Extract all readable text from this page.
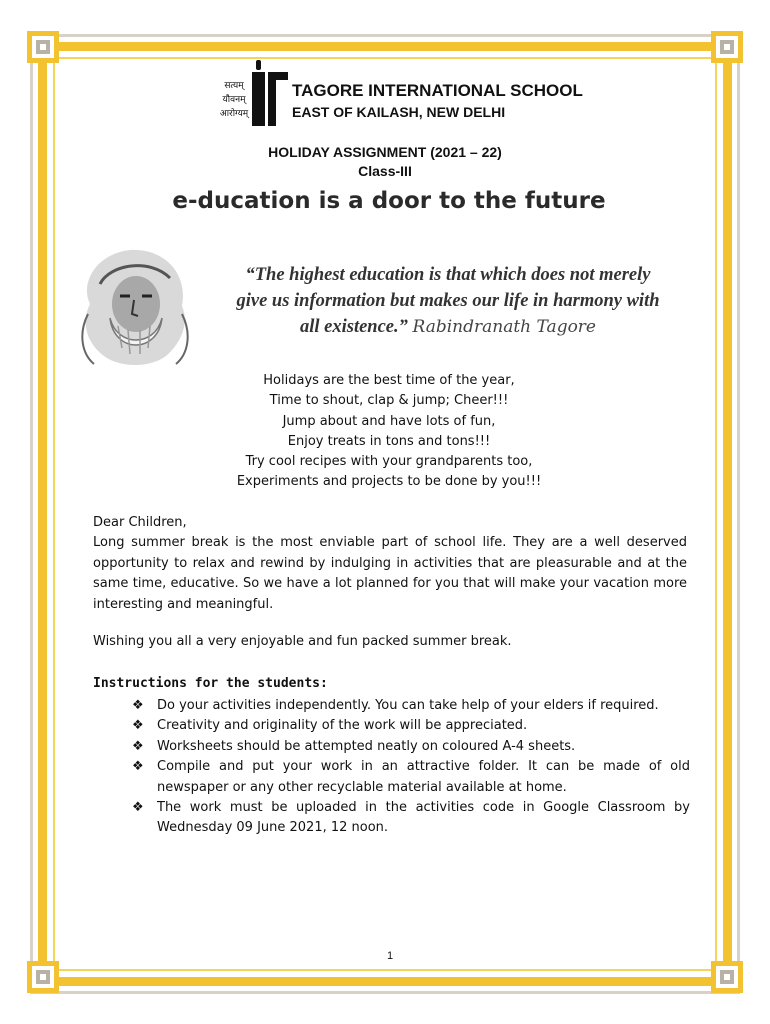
सत्यम्
यौवनम्
आरोग्यम्
TAGORE INTERNATIONAL SCHOOL
EAST OF KAILASH, NEW DELHI
HOLIDAY ASSIGNMENT (2021 – 22)
Class-III
e-ducation is a door to the future
“The highest education is that which does not merely
give us information but makes our life in harmony with
all existence.” Rabindranath Tagore
Holidays are the best time of the year,
Time to shout, clap & jump; Cheer!!!
Jump about and have lots of fun,
Enjoy treats in tons and tons!!!
Try cool recipes with your grandparents too,
Experiments and projects to be done by you!!!
Dear Children,
Long summer break is the most enviable part of school life. They are a well deserved opportunity to relax and rewind by indulging in activities that are pleasurable and at the same time, educative. So we have a lot planned for you that will make your vacation more interesting and meaningful.
Wishing you all a very enjoyable and fun packed summer break.
Instructions for the students:
❖ Do your activities independently. You can take help of your elders if required.
❖ Creativity and originality of the work will be appreciated.
❖ Worksheets should be attempted neatly on coloured A-4 sheets.
❖ Compile and put your work in an attractive folder. It can be made of old newspaper or any other recyclable material available at home.
❖ The work must be uploaded in the activities code in Google Classroom by Wednesday 09 June 2021, 12 noon.
1
